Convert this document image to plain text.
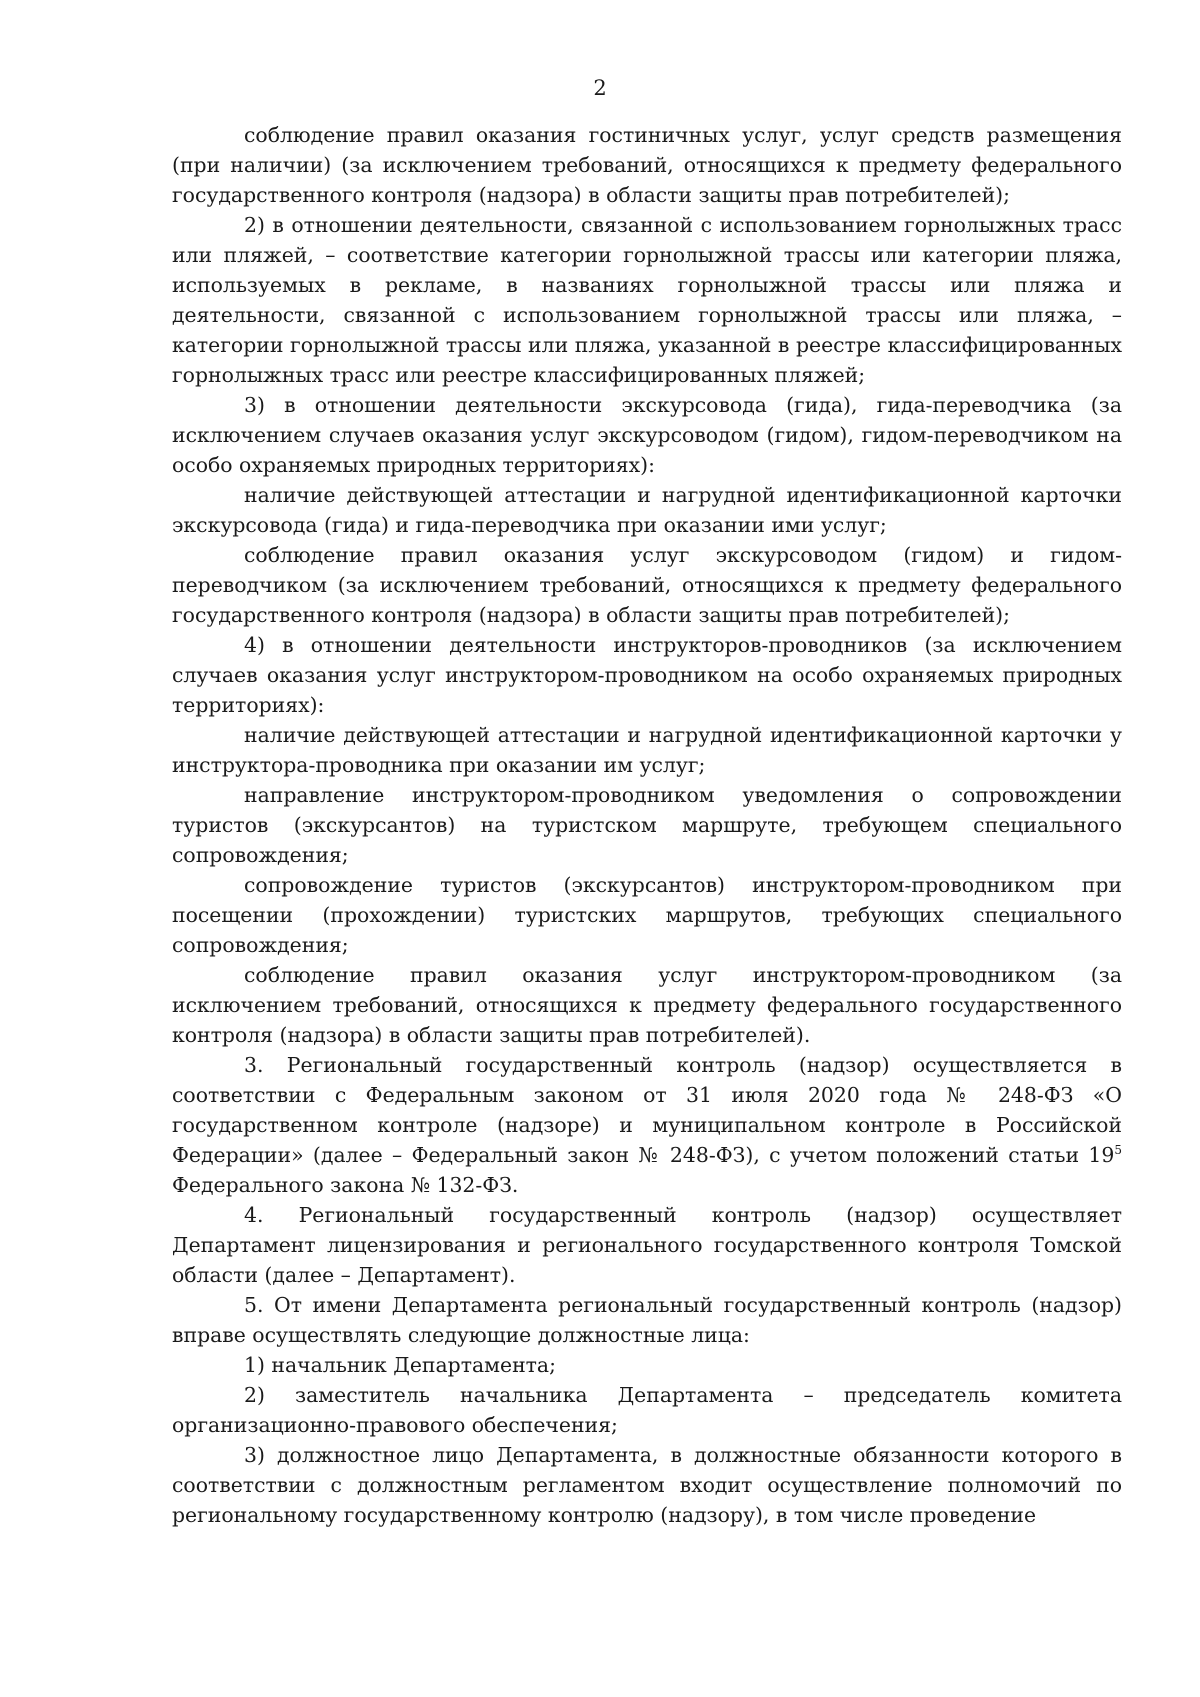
2

соблюдение правил оказания гостиничных услуг, услуг средств размещения (при наличии) (за исключением требований, относящихся к предмету федерального государственного контроля (надзора) в области защиты прав потребителей);

2) в отношении деятельности, связанной с использованием горнолыжных трасс или пляжей, – соответствие категории горнолыжной трассы или категории пляжа, используемых в рекламе, в названиях горнолыжной трассы или пляжа и деятельности, связанной с использованием горнолыжной трассы или пляжа, – категории горнолыжной трассы или пляжа, указанной в реестре классифицированных горнолыжных трасс или реестре классифицированных пляжей;

3) в отношении деятельности экскурсовода (гида), гида-переводчика (за исключением случаев оказания услуг экскурсоводом (гидом), гидом-переводчиком на особо охраняемых природных территориях):

наличие действующей аттестации и нагрудной идентификационной карточки экскурсовода (гида) и гида-переводчика при оказании ими услуг;

соблюдение правил оказания услуг экскурсоводом (гидом) и гидом-переводчиком (за исключением требований, относящихся к предмету федерального государственного контроля (надзора) в области защиты прав потребителей);

4) в отношении деятельности инструкторов-проводников (за исключением случаев оказания услуг инструктором-проводником на особо охраняемых природных территориях):

наличие действующей аттестации и нагрудной идентификационной карточки у инструктора-проводника при оказании им услуг;

направление инструктором-проводником уведомления о сопровождении туристов (экскурсантов) на туристском маршруте, требующем специального сопровождения;

сопровождение туристов (экскурсантов) инструктором-проводником при посещении (прохождении) туристских маршрутов, требующих специального сопровождения;

соблюдение правил оказания услуг инструктором-проводником (за исключением требований, относящихся к предмету федерального государственного контроля (надзора) в области защиты прав потребителей).

3. Региональный государственный контроль (надзор) осуществляется в соответствии с Федеральным законом от 31 июля 2020 года № 248-ФЗ «О государственном контроле (надзоре) и муниципальном контроле в Российской Федерации» (далее – Федеральный закон № 248-ФЗ), с учетом положений статьи $19^5$ Федерального закона № 132-ФЗ.

4. Региональный государственный контроль (надзор) осуществляет Департамент лицензирования и регионального государственного контроля Томской области (далее – Департамент).

5. От имени Департамента региональный государственный контроль (надзор) вправе осуществлять следующие должностные лица:

1) начальник Департамента;

2) заместитель начальника Департамента – председатель комитета организационно-правового обеспечения;

3) должностное лицо Департамента, в должностные обязанности которого в соответствии с должностным регламентом входит осуществление полномочий по региональному государственному контролю (надзору), в том числе проведение
